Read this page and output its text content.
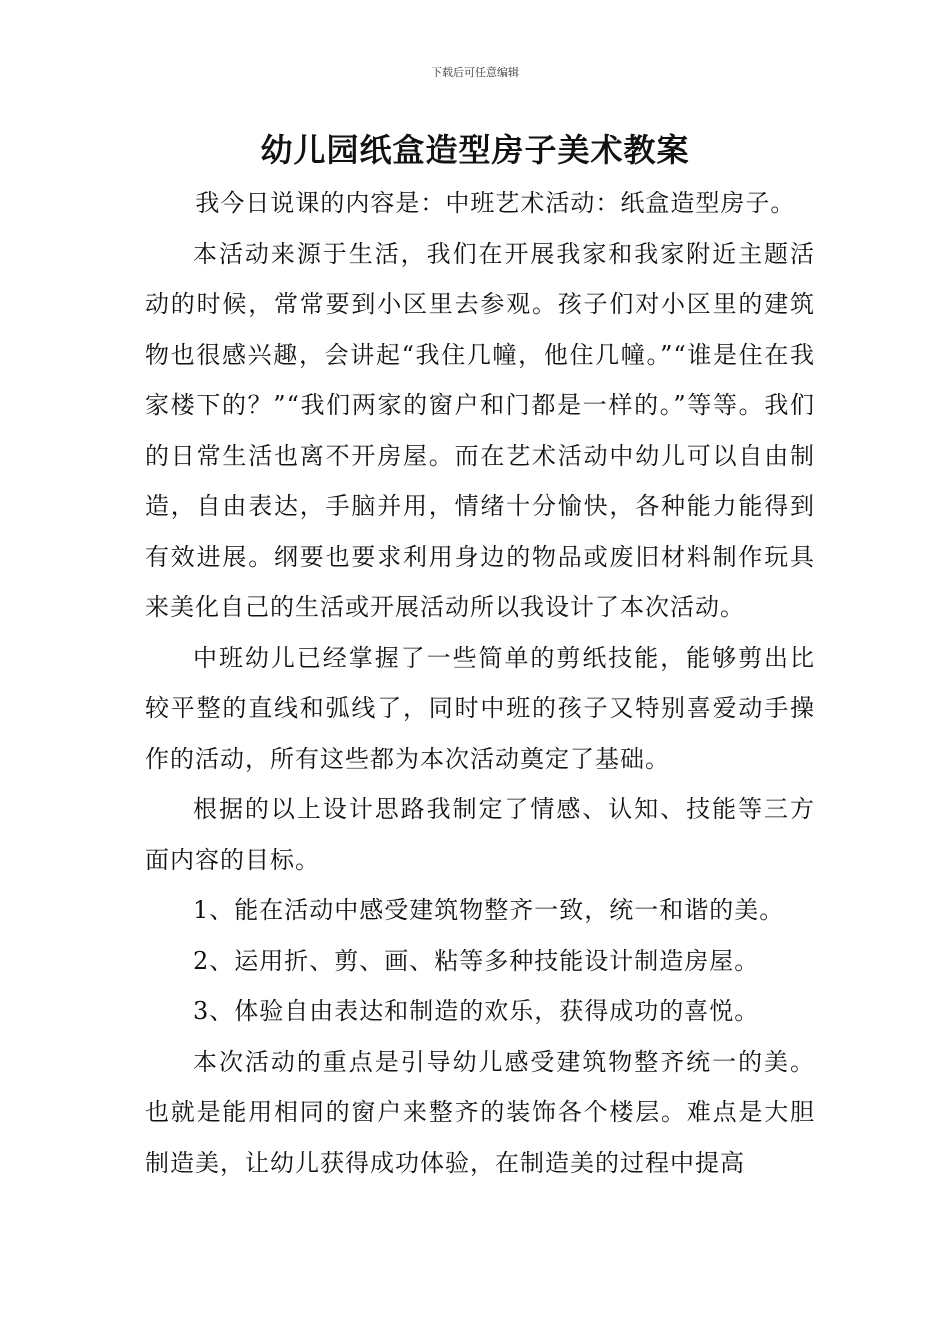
下载后可任意编辑
幼儿园纸盒造型房子美术教案

我今日说课的内容是：中班艺术活动：纸盒造型房子。

本活动来源于生活，我们在开展我家和我家附近主题活动的时候，常常要到小区里去参观。孩子们对小区里的建筑物也很感兴趣，会讲起“我住几幢，他住几幢。”“谁是住在我家楼下的？”“我们两家的窗户和门都是一样的。”等等。我们的日常生活也离不开房屋。而在艺术活动中幼儿可以自由制造，自由表达，手脑并用，情绪十分愉快，各种能力能得到有效进展。纲要也要求利用身边的物品或废旧材料制作玩具来美化自己的生活或开展活动所以我设计了本次活动。

中班幼儿已经掌握了一些简单的剪纸技能，能够剪出比较平整的直线和弧线了，同时中班的孩子又特别喜爱动手操作的活动，所有这些都为本次活动奠定了基础。

根据的以上设计思路我制定了情感、认知、技能等三方面内容的目标。

1、能在活动中感受建筑物整齐一致，统一和谐的美。

2、运用折、剪、画、粘等多种技能设计制造房屋。

3、体验自由表达和制造的欢乐，获得成功的喜悦。

本次活动的重点是引导幼儿感受建筑物整齐统一的美。也就是能用相同的窗户来整齐的装饰各个楼层。难点是大胆制造美，让幼儿获得成功体验，在制造美的过程中提高
